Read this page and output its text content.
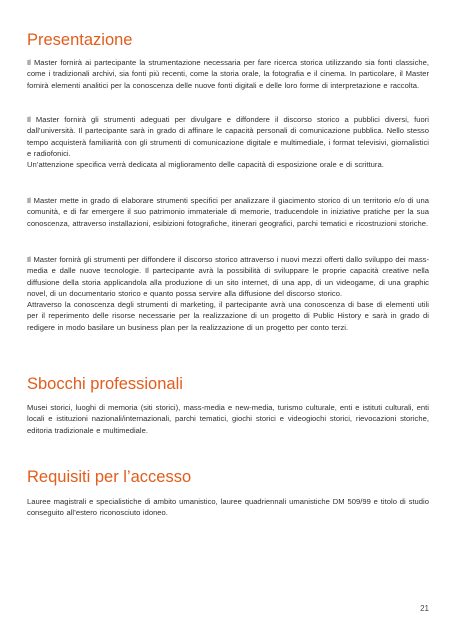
Presentazione

Il Master fornirà ai partecipante la strumentazione necessaria per fare ricerca storica utilizzando sia fonti classiche, come i tradizionali archivi, sia fonti più recenti, come la storia orale, la fotografia e il cinema. In particolare, il Master fornirà elementi analitici per la conoscenza delle nuove fonti digitali e delle loro forme di interpretazione e raccolta.

Il Master fornirà gli strumenti adeguati per divulgare e diffondere il discorso storico a pubblici diversi, fuori dall’università. Il partecipante sarà in grado di affinare le capacità personali di comunicazione pubblica. Nello stesso tempo acquisterà familiarità con gli strumenti di comunicazione digitale e multimediale, i format televisivi, giornalistici e radiofonici.
Un’attenzione specifica verrà dedicata al miglioramento delle capacità di esposizione orale e di scrittura.

Il Master mette in grado di elaborare strumenti specifici per analizzare il giacimento storico di un territorio e/o di una comunità, e di far emergere il suo patrimonio immateriale di memorie, traducendole in iniziative pratiche per la sua conoscenza, attraverso installazioni, esibizioni fotografiche, itinerari geografici, parchi tematici e ricostruzioni storiche.

Il Master fornirà gli strumenti per diffondere il discorso storico attraverso i nuovi mezzi offerti dallo sviluppo dei mass-media e dalle nuove tecnologie. Il partecipante avrà la possibilità di sviluppare le proprie capacità creative nella diffusione della storia applicandola alla produzione di un sito internet, di una app, di un videogame, di una graphic novel, di un documentario storico e quanto possa servire alla diffusione del discorso storico.
Attraverso la conoscenza degli strumenti di marketing, il partecipante avrà una conoscenza di base di elementi utili per il reperimento delle risorse necessarie per la realizzazione di un progetto di Public History e sarà in grado di redigere in modo basilare un business plan per la realizzazione di un progetto per conto terzi.

Sbocchi professionali

Musei storici, luoghi di memoria (siti storici), mass-media e new-media, turismo culturale, enti e istituti culturali, enti locali e istituzioni nazionali/internazionali, parchi tematici, giochi storici e videogiochi storici, rievocazioni storiche, editoria tradizionale e multimediale.

Requisiti per l’accesso

Lauree magistrali e specialistiche di ambito umanistico, lauree quadriennali umanistiche DM 509/99 e titolo di studio conseguito all’estero riconosciuto idoneo.

21
